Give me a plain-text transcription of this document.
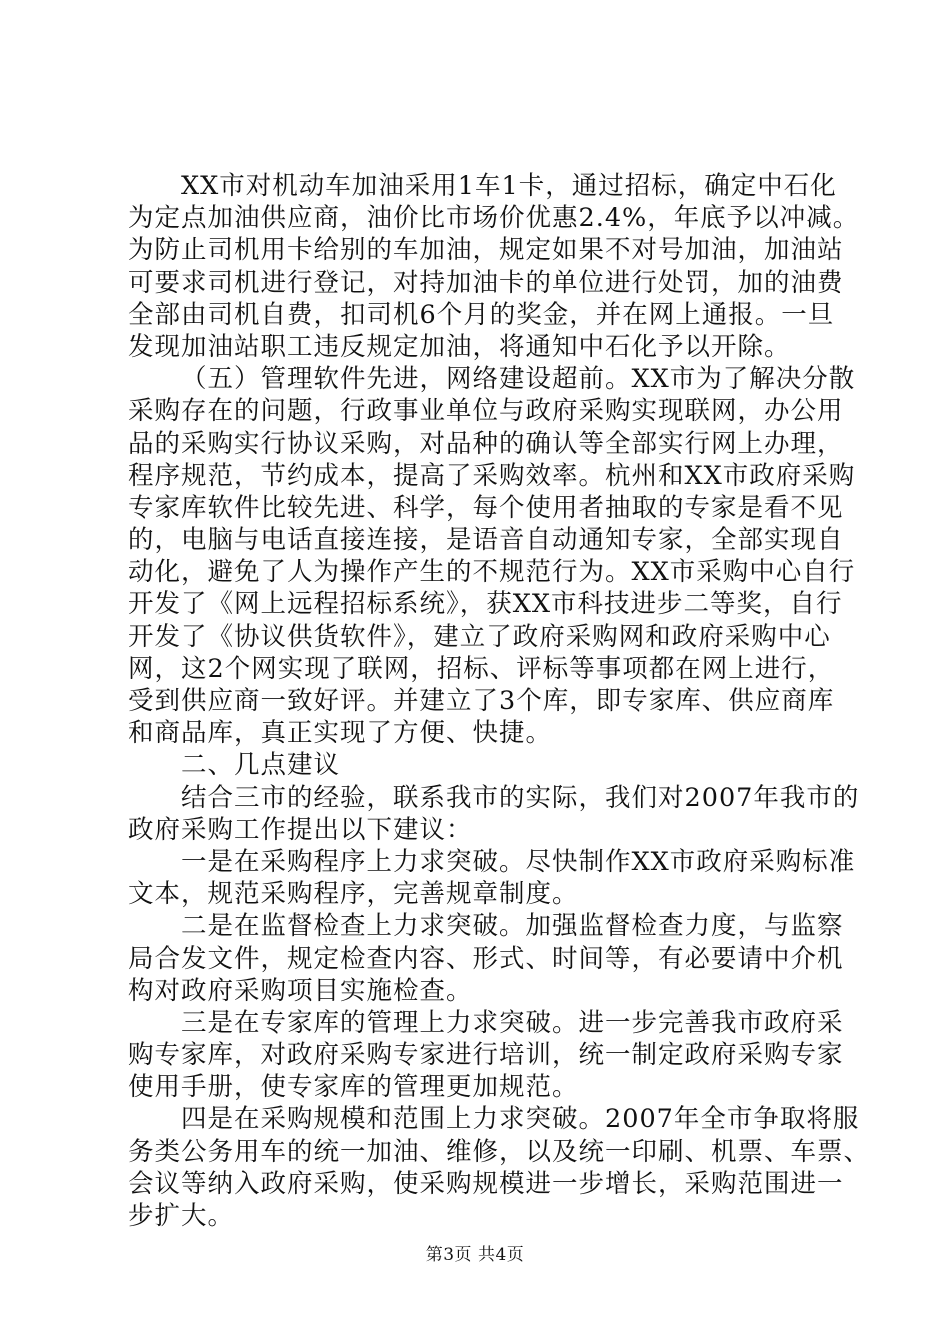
XX市对机动车加油采用1车1卡，通过招标，确定中石化
为定点加油供应商，油价比市场价优惠2.4%，年底予以冲减。
为防止司机用卡给别的车加油，规定如果不对号加油，加油站
可要求司机进行登记，对持加油卡的单位进行处罚，加的油费
全部由司机自费，扣司机6个月的奖金，并在网上通报。一旦
发现加油站职工违反规定加油，将通知中石化予以开除。
（五）管理软件先进，网络建设超前。XX市为了解决分散
采购存在的问题，行政事业单位与政府采购实现联网，办公用
品的采购实行协议采购，对品种的确认等全部实行网上办理，
程序规范，节约成本，提高了采购效率。杭州和XX市政府采购
专家库软件比较先进、科学，每个使用者抽取的专家是看不见
的，电脑与电话直接连接，是语音自动通知专家，全部实现自
动化，避免了人为操作产生的不规范行为。XX市采购中心自行
开发了《网上远程招标系统》，获XX市科技进步二等奖，自行
开发了《协议供货软件》，建立了政府采购网和政府采购中心
网，这2个网实现了联网，招标、评标等事项都在网上进行，
受到供应商一致好评。并建立了3个库，即专家库、供应商库
和商品库，真正实现了方便、快捷。
二、几点建议
结合三市的经验，联系我市的实际，我们对2007年我市的
政府采购工作提出以下建议：
一是在采购程序上力求突破。尽快制作XX市政府采购标准
文本，规范采购程序，完善规章制度。
二是在监督检查上力求突破。加强监督检查力度，与监察
局合发文件，规定检查内容、形式、时间等，有必要请中介机
构对政府采购项目实施检查。
三是在专家库的管理上力求突破。进一步完善我市政府采
购专家库，对政府采购专家进行培训，统一制定政府采购专家
使用手册，使专家库的管理更加规范。
四是在采购规模和范围上力求突破。2007年全市争取将服
务类公务用车的统一加油、维修，以及统一印刷、机票、车票、
会议等纳入政府采购，使采购规模进一步增长，采购范围进一
步扩大。
第3页 共4页
